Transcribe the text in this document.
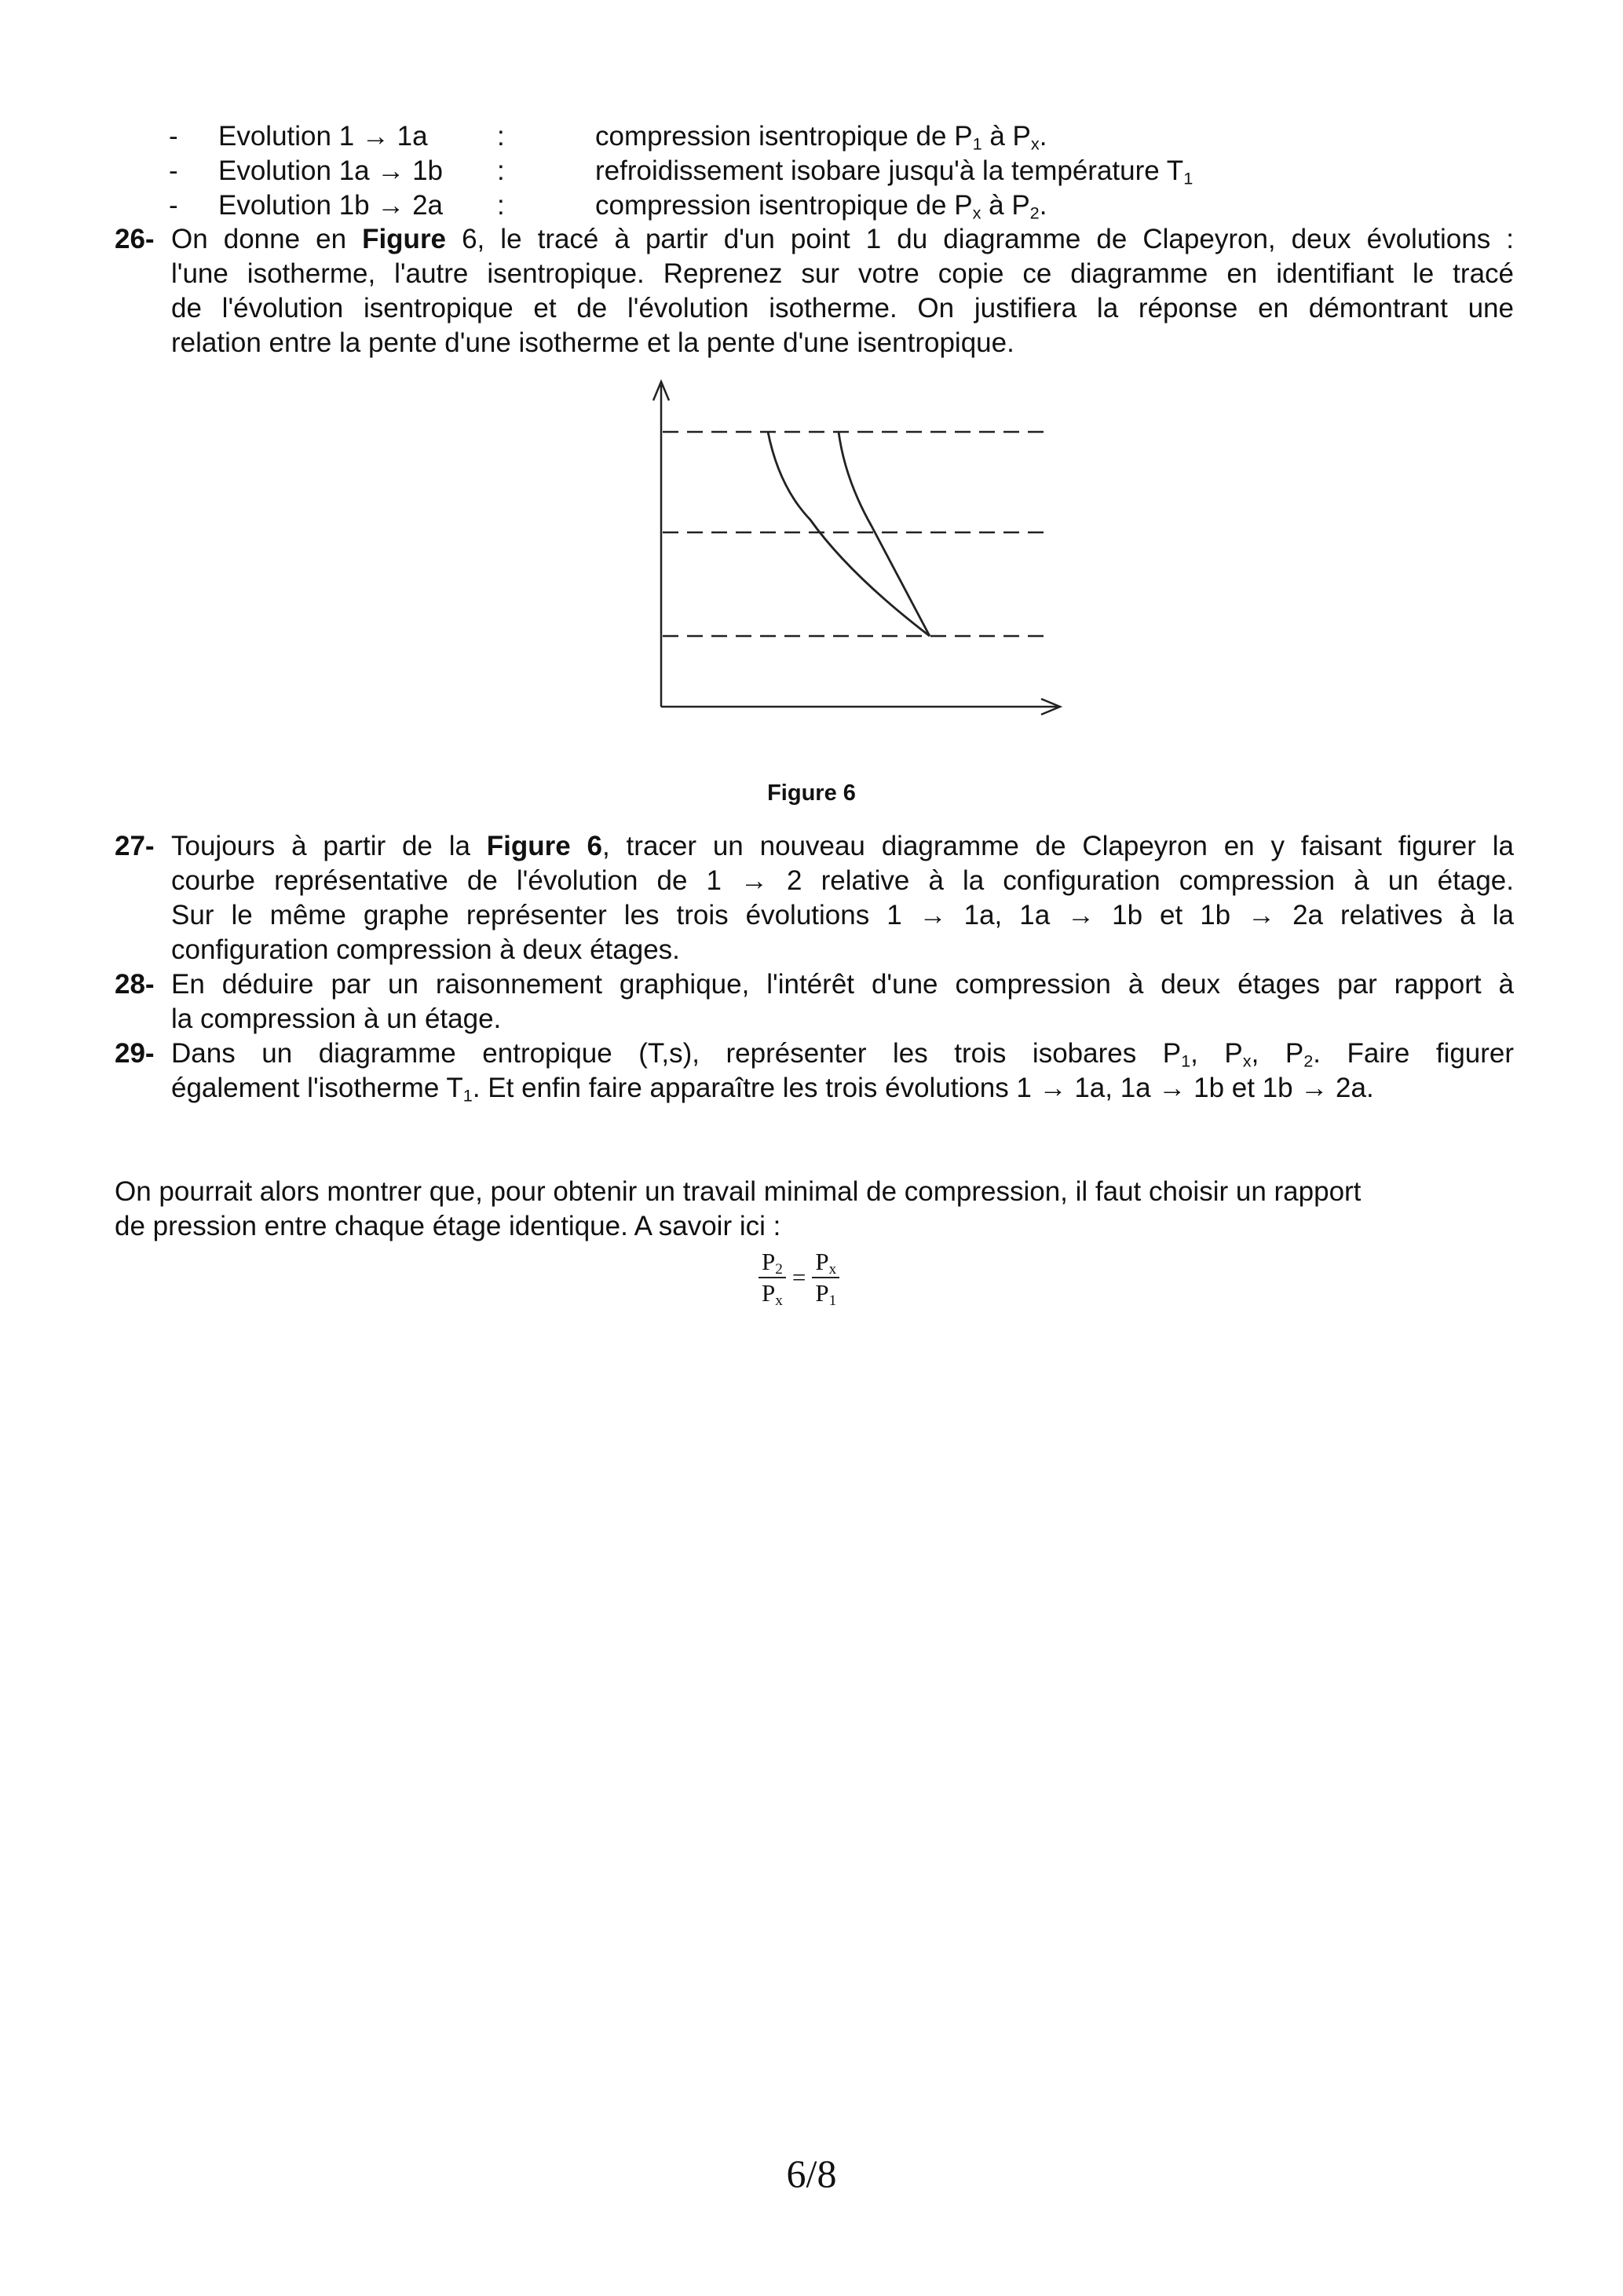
- Evolution 1 → 1a	:	compression isentropique de $P_1$ à $P_x$.
- Evolution 1a → 1b :	refroidissement isobare jusqu'à la température $T_1$
- Evolution 1b → 2a :	compression isentropique de $P_x$ à $P_2$.
26- On donne en Figure 6, le tracé à partir d'un point 1 du diagramme de Clapeyron, deux évolutions :
l'une isotherme, l'autre isentropique. Reprenez sur votre copie ce diagramme en identifiant le tracé
de l'évolution isentropique et de l'évolution isotherme. On justifiera la réponse en démontrant une
relation entre la pente d'une isotherme et la pente d'une isentropique.
Figure 6
27- Toujours à partir de la Figure 6, tracer un nouveau diagramme de Clapeyron en y faisant figurer la
courbe représentative de l'évolution de 1 → 2 relative à la configuration compression à un étage.
Sur le même graphe représenter les trois évolutions 1 → 1a, 1a → 1b et 1b → 2a relatives à la
configuration compression à deux étages.
28- En déduire par un raisonnement graphique, l'intérêt d'une compression à deux étages par rapport à
la compression à un étage.
29- Dans un diagramme entropique (T,s), représenter les trois isobares $P_1$, $P_x$, $P_2$. Faire figurer
également l'isotherme $T_1$. Et enfin faire apparaître les trois évolutions 1 → 1a, 1a → 1b et 1b → 2a.
On pourrait alors montrer que, pour obtenir un travail minimal de compression, il faut choisir un rapport
de pression entre chaque étage identique. A savoir ici :
$\frac{P_2}{P_x} = \frac{P_x}{P_1}$
6/8
